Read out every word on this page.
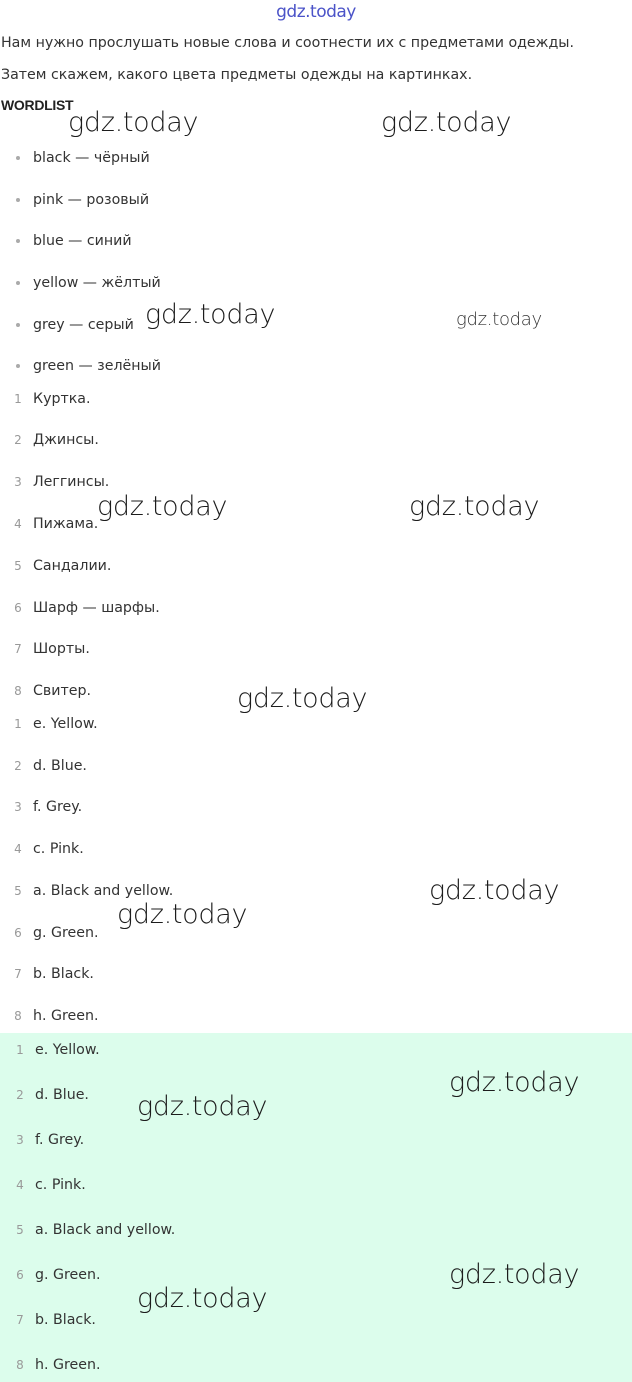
gdz.today
Нам нужно прослушать новые слова и соотнести их с предметами одежды.
Затем скажем, какого цвета предметы одежды на картинках.
WORDLIST
black — чёрный
pink — розовый
blue — синий
yellow — жёлтый
grey — серый
green — зелёный
1 Куртка.
2 Джинсы.
3 Леггинсы.
4 Пижама.
5 Сандалии.
6 Шарф — шарфы.
7 Шорты.
8 Свитер.
1 e. Yellow.
2 d. Blue.
3 f. Grey.
4 c. Pink.
5 a. Black and yellow.
6 g. Green.
7 b. Black.
8 h. Green.
1 e. Yellow.
2 d. Blue.
3 f. Grey.
4 c. Pink.
5 a. Black and yellow.
6 g. Green.
7 b. Black.
8 h. Green.
gdz.today	gdz.today
gdz.today	gdz.today
gdz.today	gdz.today
gdz.today
gdz.today
gdz.today
gdz.today
gdz.today
gdz.today
gdz.today
